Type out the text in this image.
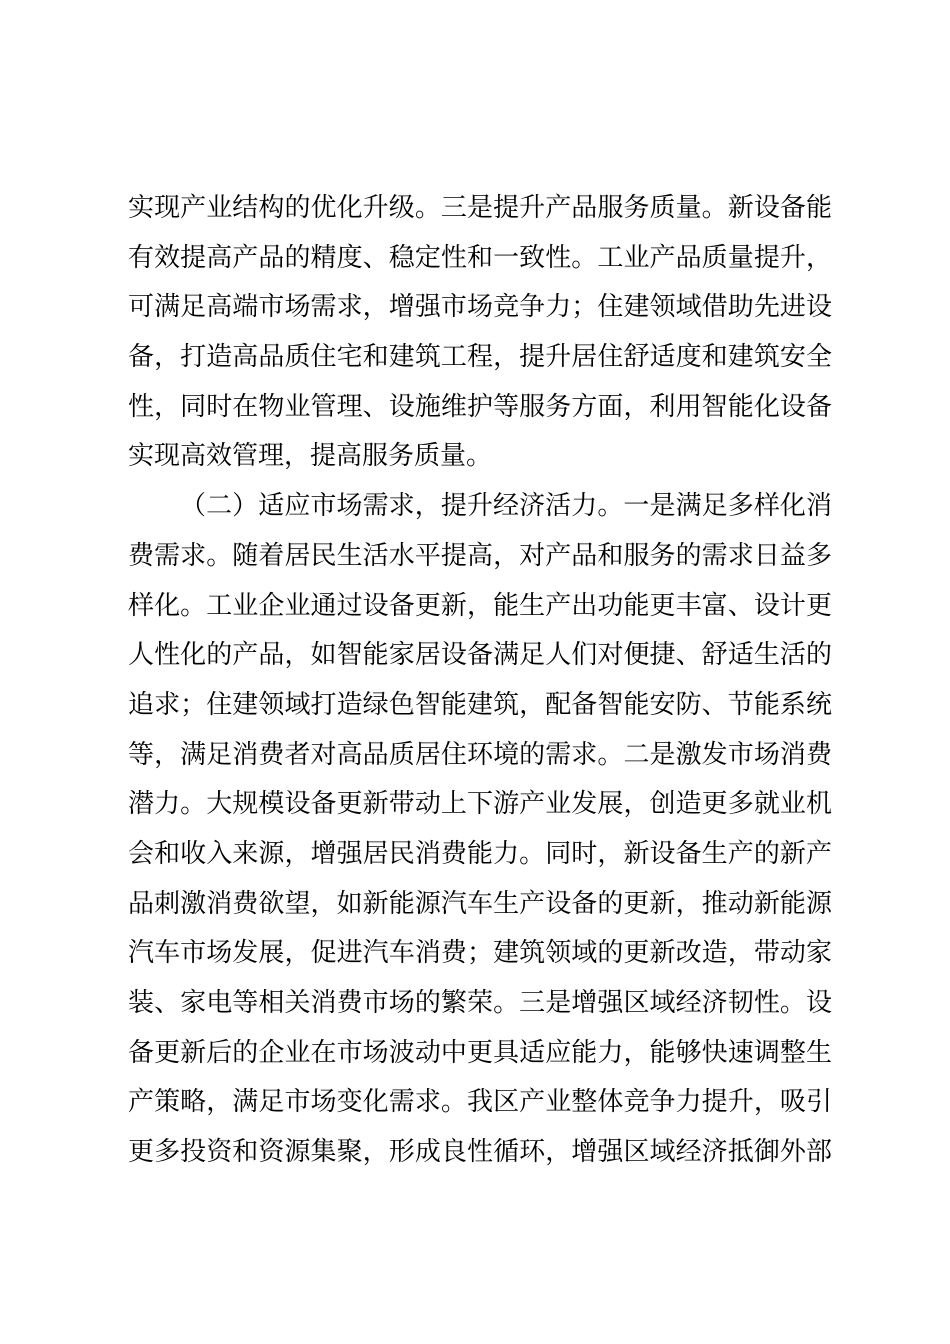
实现产业结构的优化升级。三是提升产品服务质量。新设备能
有效提高产品的精度、稳定性和一致性。工业产品质量提升，
可满足高端市场需求，增强市场竞争力；住建领域借助先进设
备，打造高品质住宅和建筑工程，提升居住舒适度和建筑安全
性，同时在物业管理、设施维护等服务方面，利用智能化设备
实现高效管理，提高服务质量。
（二）适应市场需求，提升经济活力。一是满足多样化消
费需求。随着居民生活水平提高，对产品和服务的需求日益多
样化。工业企业通过设备更新，能生产出功能更丰富、设计更
人性化的产品，如智能家居设备满足人们对便捷、舒适生活的
追求；住建领域打造绿色智能建筑，配备智能安防、节能系统
等，满足消费者对高品质居住环境的需求。二是激发市场消费
潜力。大规模设备更新带动上下游产业发展，创造更多就业机
会和收入来源，增强居民消费能力。同时，新设备生产的新产
品刺激消费欲望，如新能源汽车生产设备的更新，推动新能源
汽车市场发展，促进汽车消费；建筑领域的更新改造，带动家
装、家电等相关消费市场的繁荣。三是增强区域经济韧性。设
备更新后的企业在市场波动中更具适应能力，能够快速调整生
产策略，满足市场变化需求。我区产业整体竞争力提升，吸引
更多投资和资源集聚，形成良性循环，增强区域经济抵御外部
